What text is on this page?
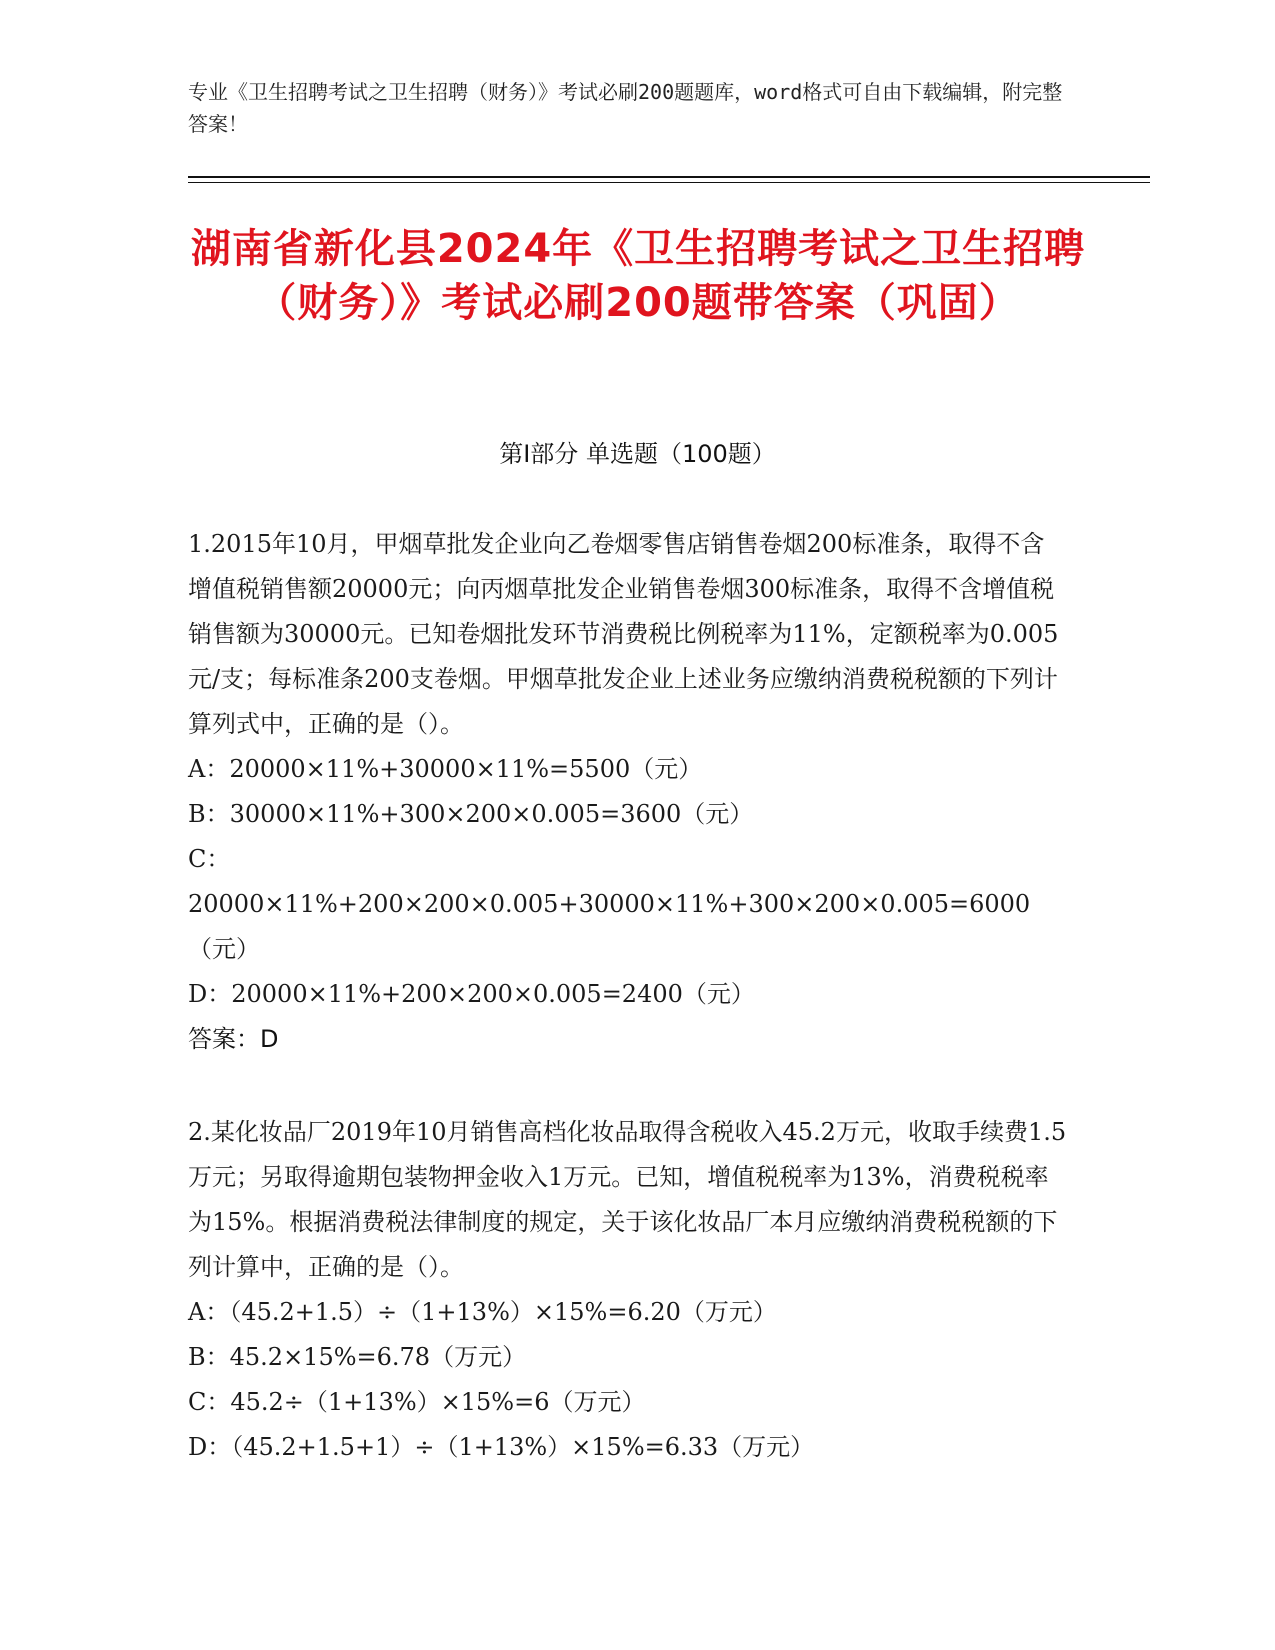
专业《卫生招聘考试之卫生招聘（财务）》考试必刷200题题库，word格式可自由下载编辑，附完整答案！
湖南省新化县2024年《卫生招聘考试之卫生招聘（财务）》考试必刷200题带答案（巩固）
第I部分 单选题（100题）

1.2015年10月，甲烟草批发企业向乙卷烟零售店销售卷烟200标准条，取得不含增值税销售额20000元；向丙烟草批发企业销售卷烟300标准条，取得不含增值税销售额为30000元。已知卷烟批发环节消费税比例税率为11%，定额税率为0.005元/支；每标准条200支卷烟。甲烟草批发企业上述业务应缴纳消费税税额的下列计算列式中，正确的是（）。

A：20000×11%+30000×11%=5500（元）

B：30000×11%+300×200×0.005=3600（元）

C：20000×11%+200×200×0.005+30000×11%+300×200×0.005=6000（元）

D：20000×11%+200×200×0.005=2400（元）

答案：D

2.某化妆品厂2019年10月销售高档化妆品取得含税收入45.2万元，收取手续费1.5万元；另取得逾期包装物押金收入1万元。已知，增值税税率为13%，消费税税率为15%。根据消费税法律制度的规定，关于该化妆品厂本月应缴纳消费税税额的下列计算中，正确的是（）。

A：（45.2+1.5）÷（1+13%）×15%=6.20（万元）

B：45.2×15%=6.78（万元）

C：45.2÷（1+13%）×15%=6（万元）

D：（45.2+1.5+1）÷（1+13%）×15%=6.33（万元）
